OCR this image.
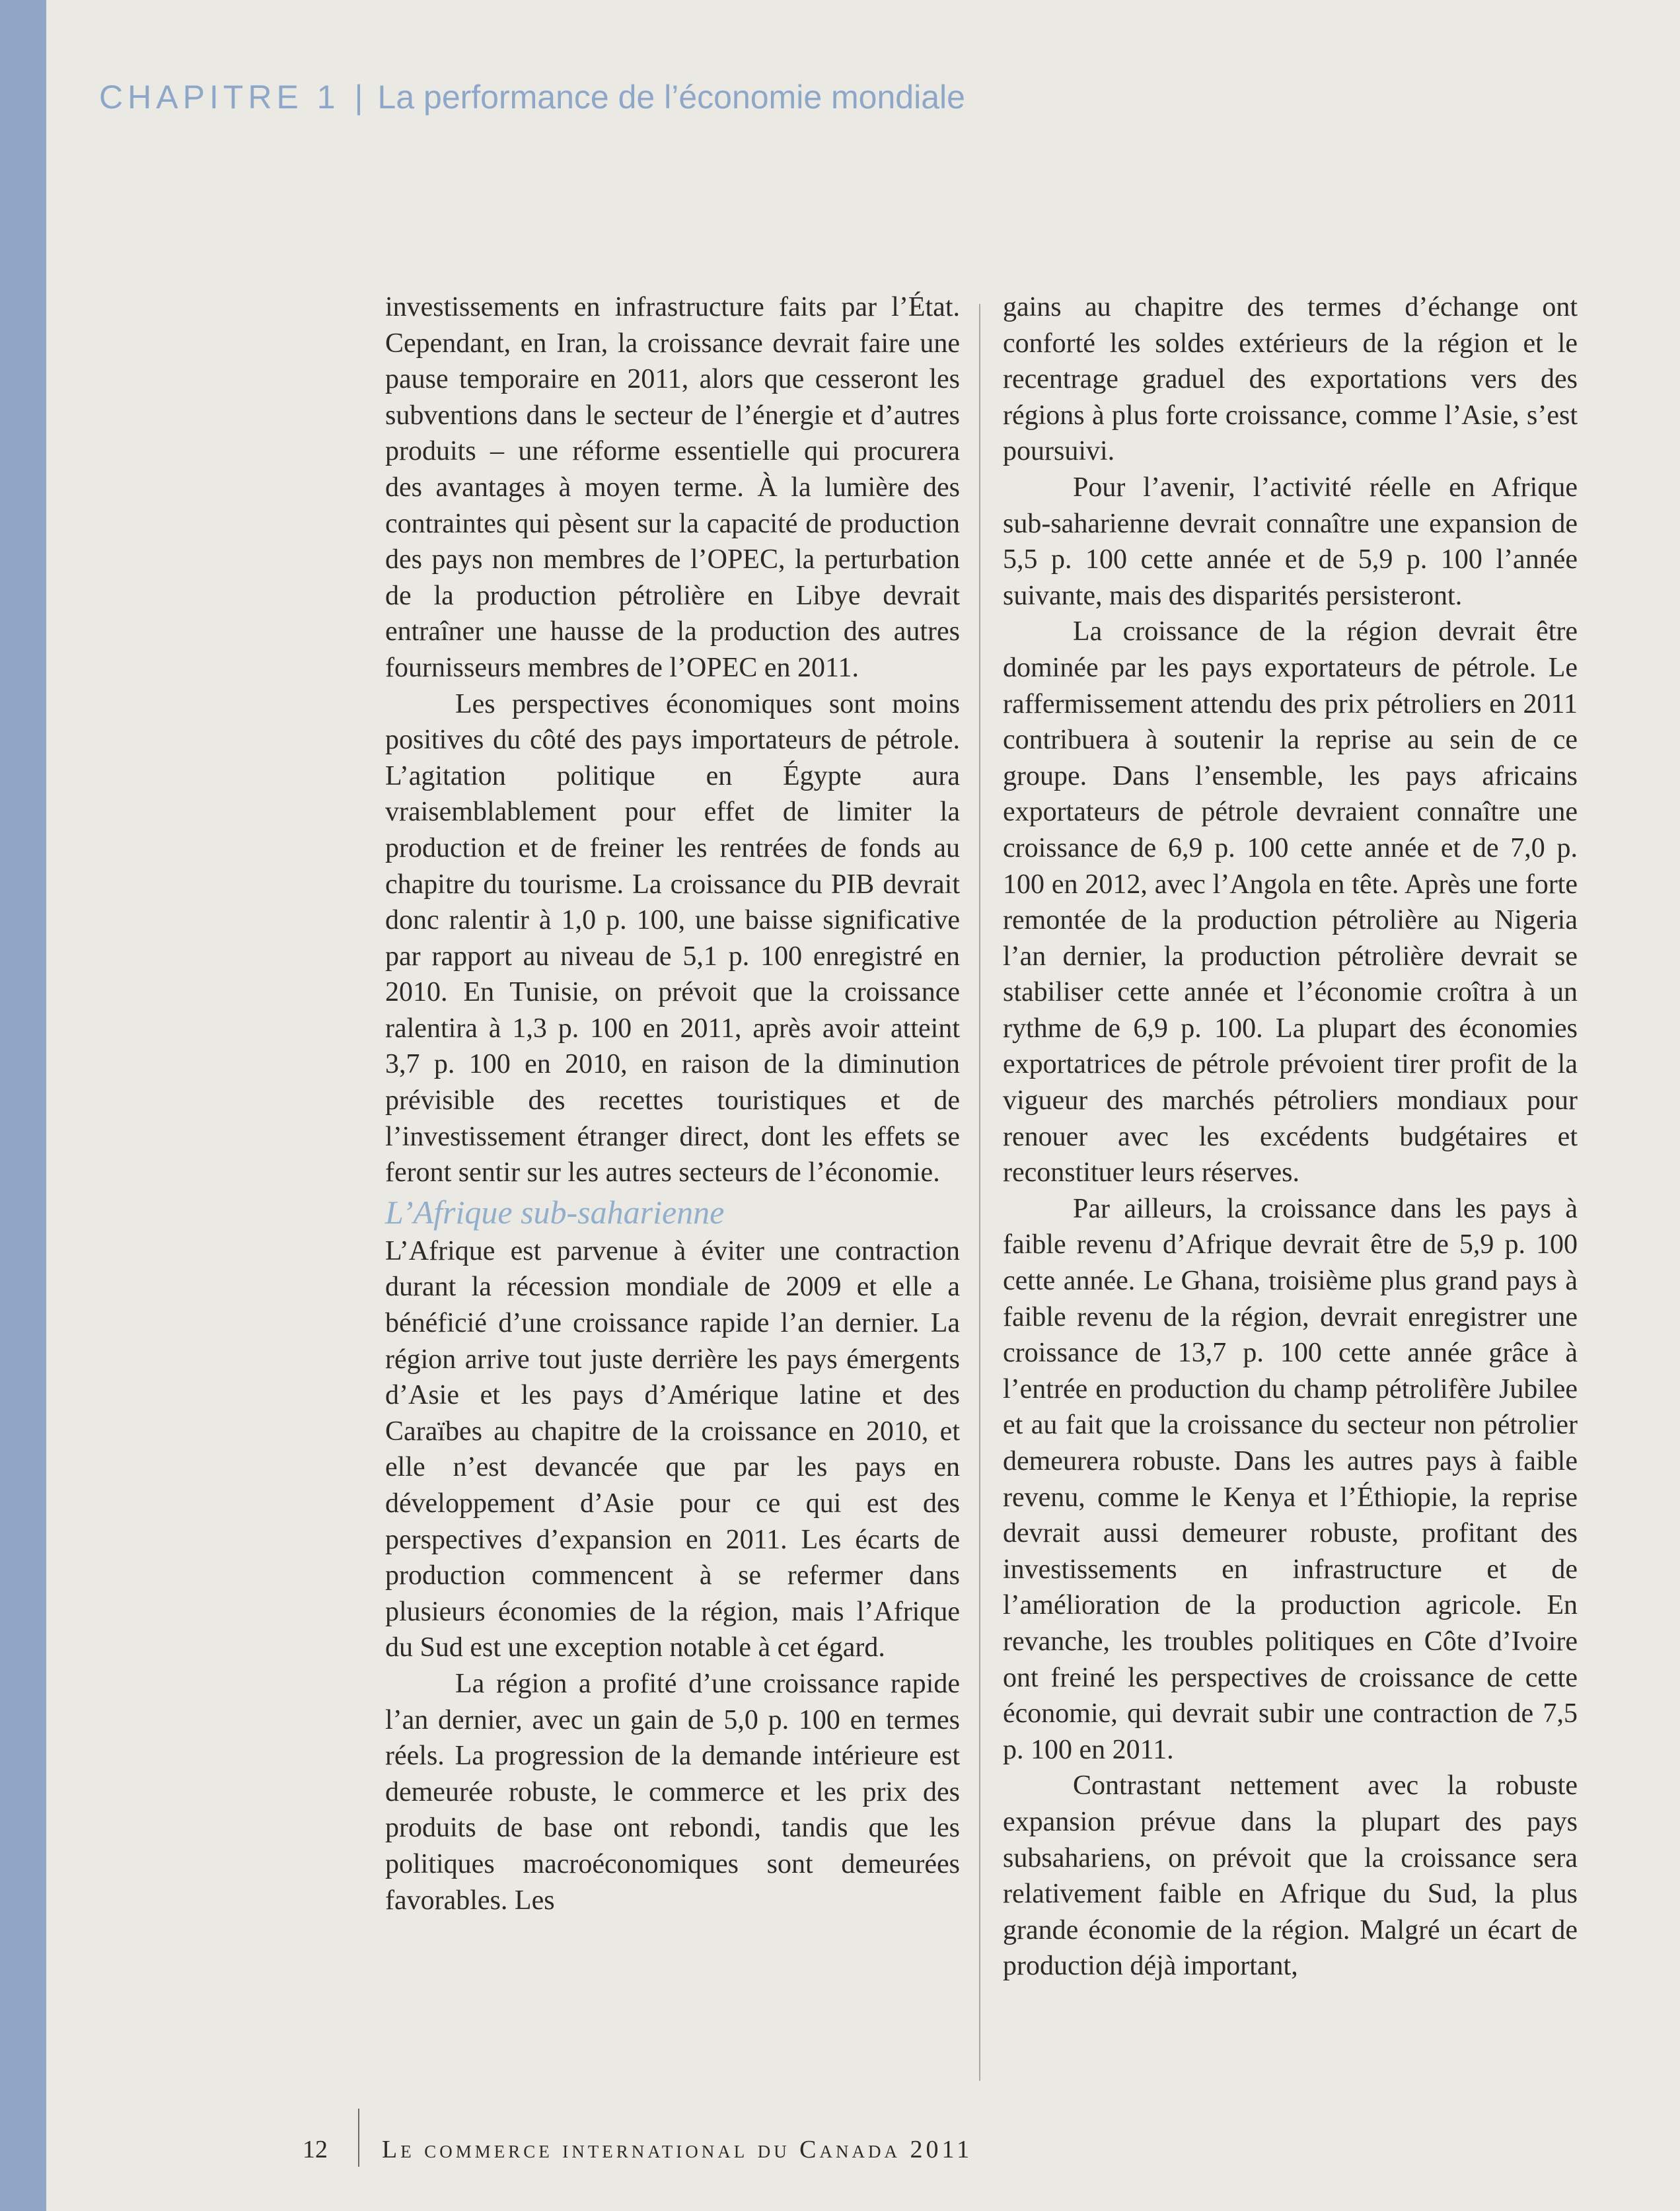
CHAPITRE 1 | La performance de l’économie mondiale

investissements en infrastructure faits par l’État. Cependant, en Iran, la croissance devrait faire une pause temporaire en 2011, alors que cesseront les subventions dans le secteur de l’énergie et d’autres produits – une réforme essentielle qui procurera des avantages à moyen terme. À la lumière des contraintes qui pèsent sur la capacité de production des pays non membres de l’OPEC, la perturbation de la production pétrolière en Libye devrait entraîner une hausse de la production des autres fournisseurs membres de l’OPEC en 2011.

Les perspectives économiques sont moins positives du côté des pays importateurs de pétrole. L’agitation politique en Égypte aura vraisemblablement pour effet de limiter la production et de freiner les rentrées de fonds au chapitre du tourisme. La croissance du PIB devrait donc ralentir à 1,0 p. 100, une baisse significative par rapport au niveau de 5,1 p. 100 enregistré en 2010. En Tunisie, on prévoit que la croissance ralentira à 1,3 p. 100 en 2011, après avoir atteint 3,7 p. 100 en 2010, en raison de la diminution prévisible des recettes touristiques et de l’investissement étranger direct, dont les effets se feront sentir sur les autres secteurs de l’économie.

L’Afrique sub-saharienne

L’Afrique est parvenue à éviter une contraction durant la récession mondiale de 2009 et elle a bénéficié d’une croissance rapide l’an dernier. La région arrive tout juste derrière les pays émergents d’Asie et les pays d’Amérique latine et des Caraïbes au chapitre de la croissance en 2010, et elle n’est devancée que par les pays en développement d’Asie pour ce qui est des perspectives d’expansion en 2011. Les écarts de production commencent à se refermer dans plusieurs économies de la région, mais l’Afrique du Sud est une exception notable à cet égard.

La région a profité d’une croissance rapide l’an dernier, avec un gain de 5,0 p. 100 en termes réels. La progression de la demande intérieure est demeurée robuste, le commerce et les prix des produits de base ont rebondi, tandis que les politiques macroéconomiques sont demeurées favorables. Les

gains au chapitre des termes d’échange ont conforté les soldes extérieurs de la région et le recentrage graduel des exportations vers des régions à plus forte croissance, comme l’Asie, s’est poursuivi.

Pour l’avenir, l’activité réelle en Afrique sub-saharienne devrait connaître une expansion de 5,5 p. 100 cette année et de 5,9 p. 100 l’année suivante, mais des disparités persisteront.

La croissance de la région devrait être dominée par les pays exportateurs de pétrole. Le raffermissement attendu des prix pétroliers en 2011 contribuera à soutenir la reprise au sein de ce groupe. Dans l’ensemble, les pays africains exportateurs de pétrole devraient connaître une croissance de 6,9 p. 100 cette année et de 7,0 p. 100 en 2012, avec l’Angola en tête. Après une forte remontée de la production pétrolière au Nigeria l’an dernier, la production pétrolière devrait se stabiliser cette année et l’économie croîtra à un rythme de 6,9 p. 100. La plupart des économies exportatrices de pétrole prévoient tirer profit de la vigueur des marchés pétroliers mondiaux pour renouer avec les excédents budgétaires et reconstituer leurs réserves.

Par ailleurs, la croissance dans les pays à faible revenu d’Afrique devrait être de 5,9 p. 100 cette année. Le Ghana, troisième plus grand pays à faible revenu de la région, devrait enregistrer une croissance de 13,7 p. 100 cette année grâce à l’entrée en production du champ pétrolifère Jubilee et au fait que la croissance du secteur non pétrolier demeurera robuste. Dans les autres pays à faible revenu, comme le Kenya et l’Éthiopie, la reprise devrait aussi demeurer robuste, profitant des investissements en infrastructure et de l’amélioration de la production agricole. En revanche, les troubles politiques en Côte d’Ivoire ont freiné les perspectives de croissance de cette économie, qui devrait subir une contraction de 7,5 p. 100 en 2011.

Contrastant nettement avec la robuste expansion prévue dans la plupart des pays subsahariens, on prévoit que la croissance sera relativement faible en Afrique du Sud, la plus grande économie de la région. Malgré un écart de production déjà important,

12 Le commerce international du Canada 2011
